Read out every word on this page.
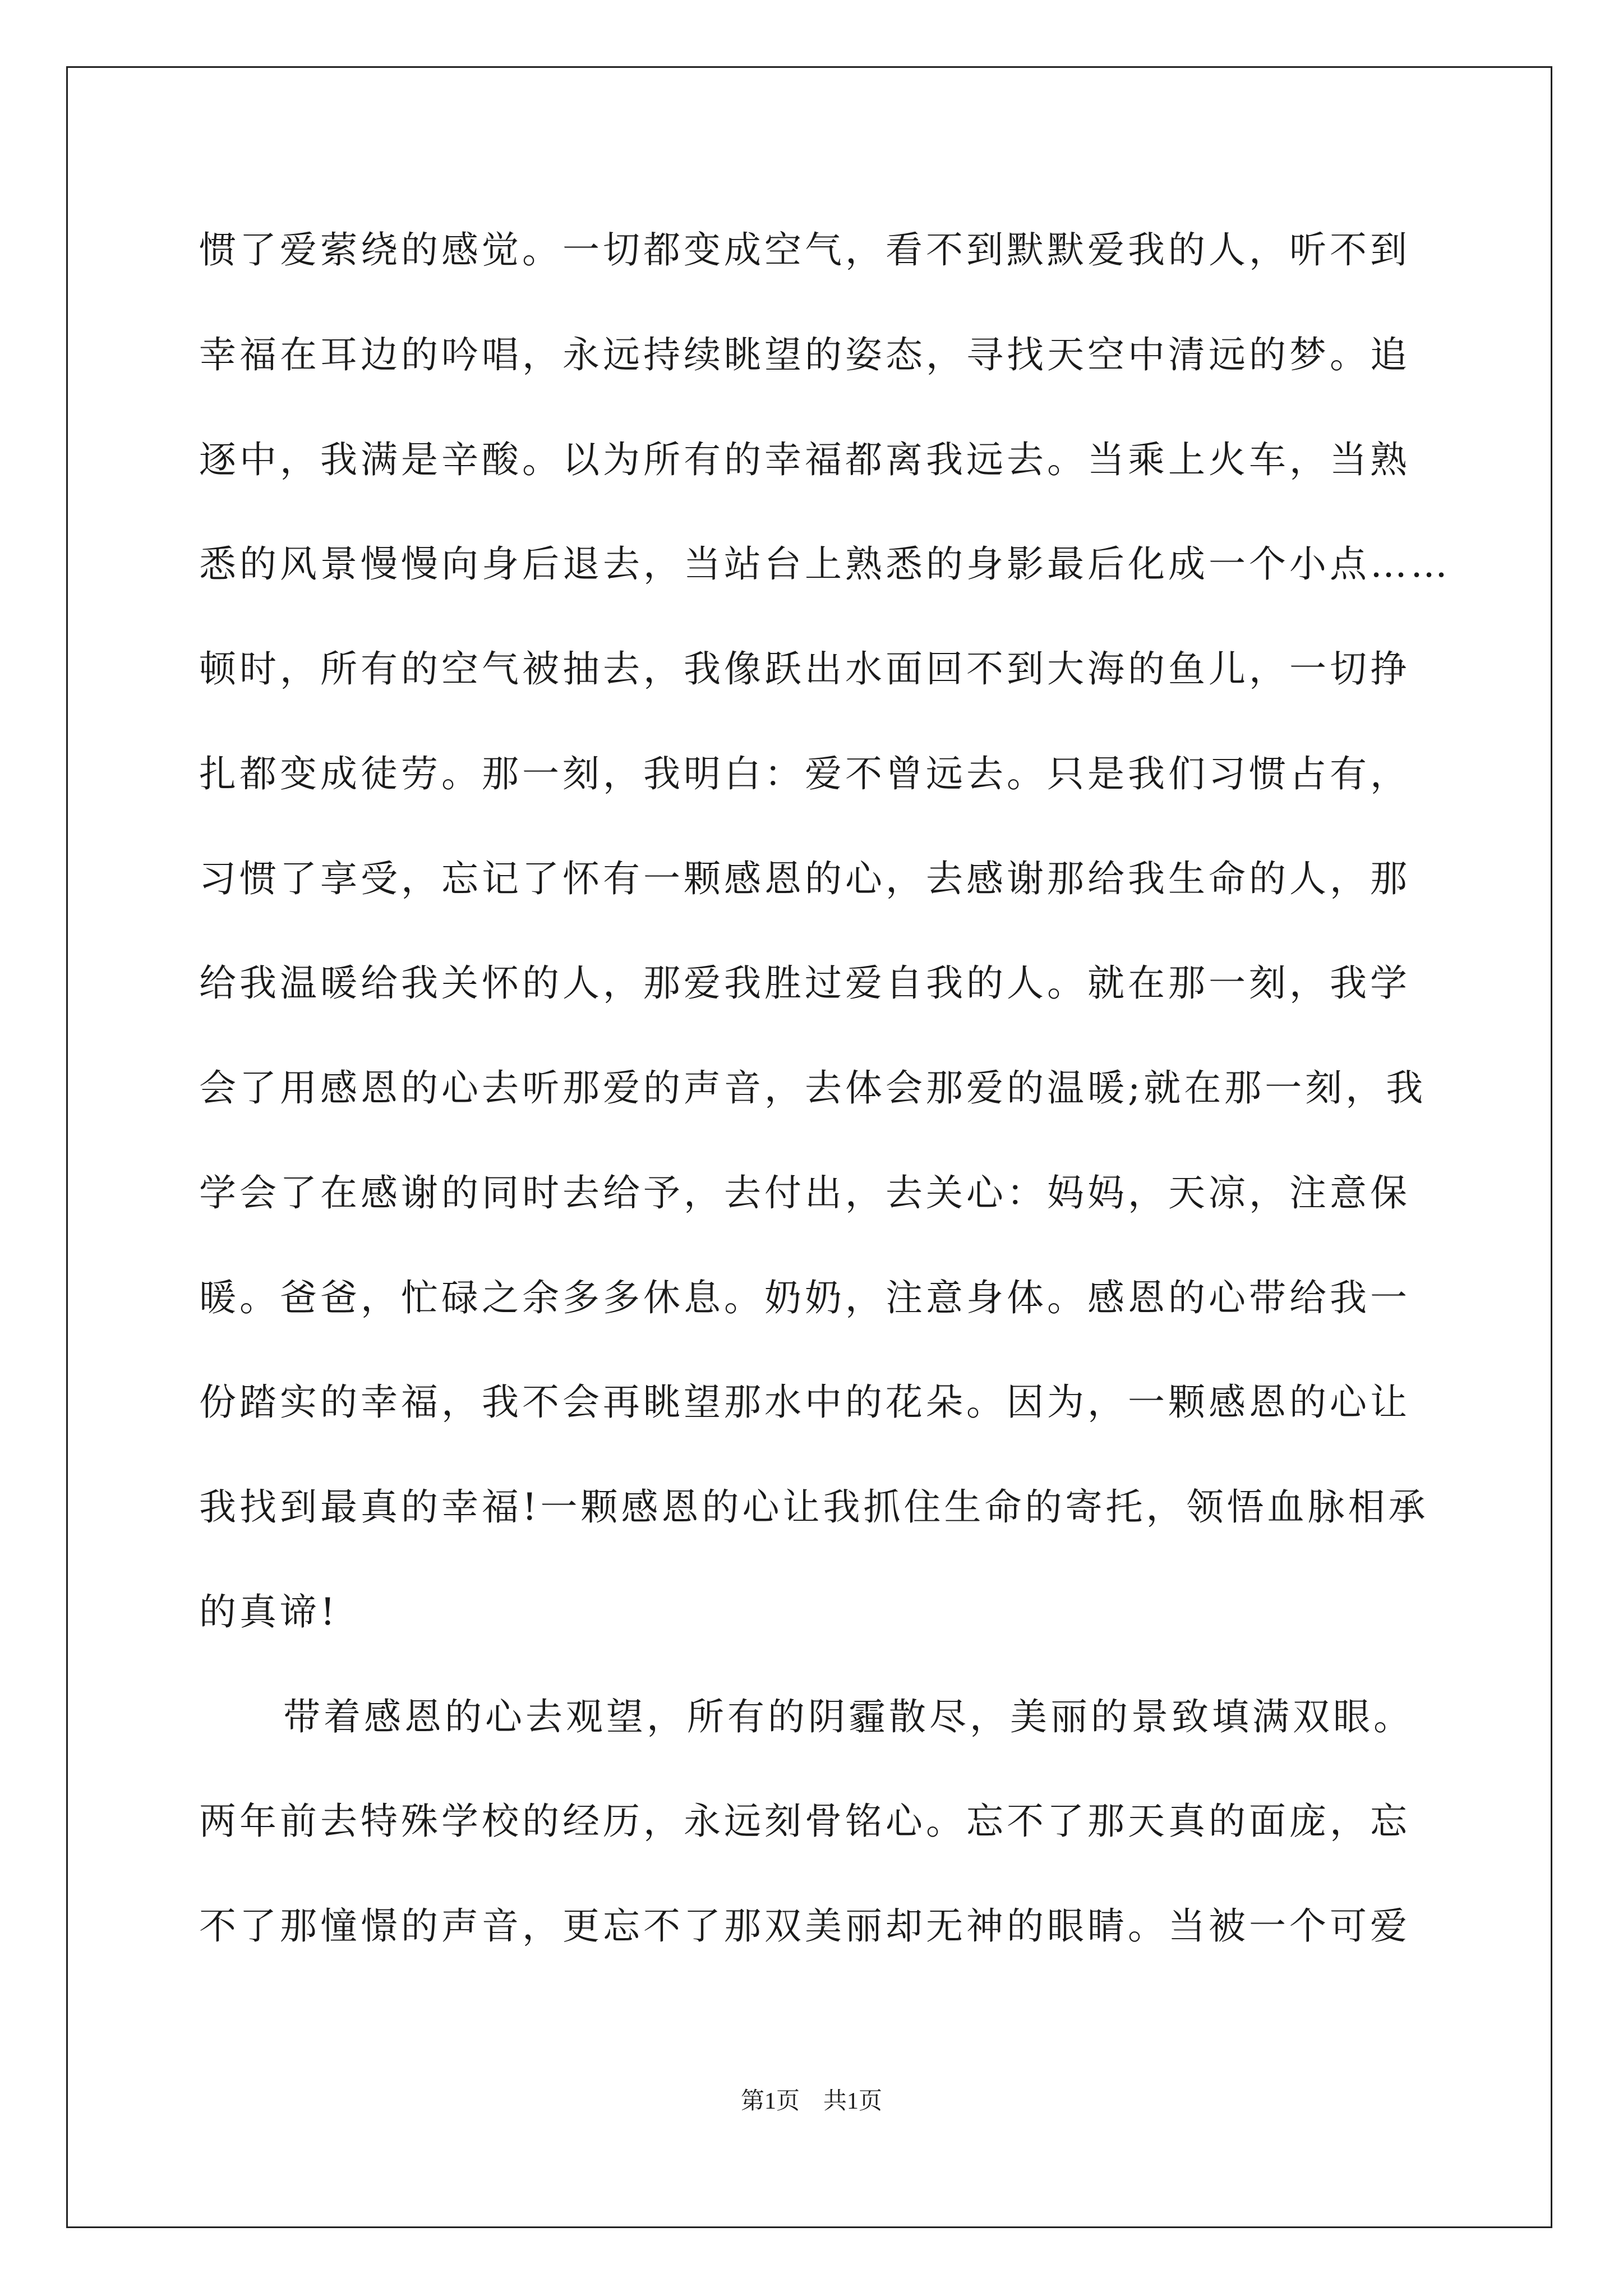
惯了爱萦绕的感觉。一切都变成空气，看不到默默爱我的人，听不到
幸福在耳边的吟唱，永远持续眺望的姿态，寻找天空中清远的梦。追
逐中，我满是辛酸。以为所有的幸福都离我远去。当乘上火车，当熟
悉的风景慢慢向身后退去，当站台上熟悉的身影最后化成一个小点……
顿时，所有的空气被抽去，我像跃出水面回不到大海的鱼儿，一切挣
扎都变成徒劳。那一刻，我明白：爱不曾远去。只是我们习惯占有，
习惯了享受，忘记了怀有一颗感恩的心，去感谢那给我生命的人，那
给我温暖给我关怀的人，那爱我胜过爱自我的人。就在那一刻，我学
会了用感恩的心去听那爱的声音，去体会那爱的温暖;就在那一刻，我
学会了在感谢的同时去给予，去付出，去关心：妈妈，天凉，注意保
暖。爸爸，忙碌之余多多休息。奶奶，注意身体。感恩的心带给我一
份踏实的幸福，我不会再眺望那水中的花朵。因为，一颗感恩的心让
我找到最真的幸福!一颗感恩的心让我抓住生命的寄托，领悟血脉相承
的真谛!
带着感恩的心去观望，所有的阴霾散尽，美丽的景致填满双眼。
两年前去特殊学校的经历，永远刻骨铭心。忘不了那天真的面庞，忘
不了那憧憬的声音，更忘不了那双美丽却无神的眼睛。当被一个可爱
第1页　共1页
